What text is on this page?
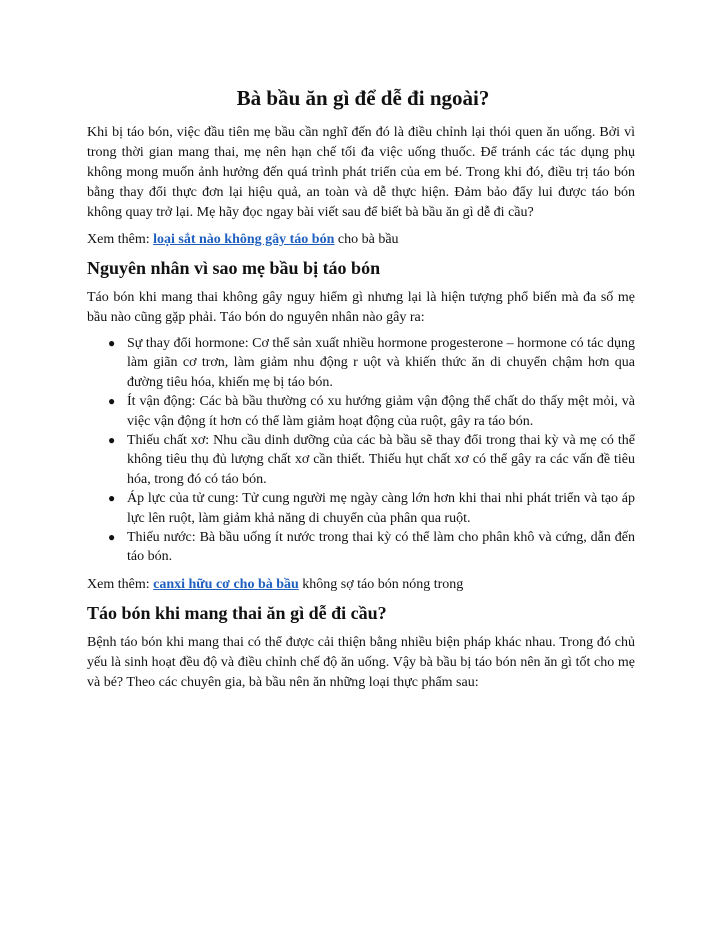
Bà bầu ăn gì để dễ đi ngoài?

Khi bị táo bón, việc đầu tiên mẹ bầu cần nghĩ đến đó là điều chỉnh lại thói quen ăn uống. Bởi vì trong thời gian mang thai, mẹ nên hạn chế tối đa việc uống thuốc. Để tránh các tác dụng phụ không mong muốn ảnh hưởng đến quá trình phát triển của em bé. Trong khi đó, điều trị táo bón bằng thay đổi thực đơn lại hiệu quả, an toàn và dễ thực hiện. Đảm bảo đẩy lui được táo bón không quay trở lại. Mẹ hãy đọc ngay bài viết sau để biết bà bầu ăn gì dễ đi cầu?

Xem thêm: loại sắt nào không gây táo bón cho bà bầu

Nguyên nhân vì sao mẹ bầu bị táo bón

Táo bón khi mang thai không gây nguy hiểm gì nhưng lại là hiện tượng phổ biến mà đa số mẹ bầu nào cũng gặp phải. Táo bón do nguyên nhân nào gây ra:

● Sự thay đổi hormone: Cơ thể sản xuất nhiều hormone progesterone – hormone có tác dụng làm giãn cơ trơn, làm giảm nhu động r uột và khiến thức ăn di chuyển chậm hơn qua đường tiêu hóa, khiến mẹ bị táo bón.
● Ít vận động: Các bà bầu thường có xu hướng giảm vận động thể chất do thấy mệt mỏi, và việc vận động ít hơn có thể làm giảm hoạt động của ruột, gây ra táo bón.
● Thiếu chất xơ: Nhu cầu dinh dưỡng của các bà bầu sẽ thay đổi trong thai kỳ và mẹ có thể không tiêu thụ đủ lượng chất xơ cần thiết. Thiếu hụt chất xơ có thể gây ra các vấn đề tiêu hóa, trong đó có táo bón.
● Áp lực của tử cung: Tử cung người mẹ ngày càng lớn hơn khi thai nhi phát triển và tạo áp lực lên ruột, làm giảm khả năng di chuyển của phân qua ruột.
● Thiếu nước: Bà bầu uống ít nước trong thai kỳ có thể làm cho phân khô và cứng, dẫn đến táo bón.

Xem thêm: canxi hữu cơ cho bà bầu không sợ táo bón nóng trong

Táo bón khi mang thai ăn gì dễ đi cầu?

Bệnh táo bón khi mang thai có thể được cải thiện bằng nhiều biện pháp khác nhau. Trong đó chủ yếu là sinh hoạt đều độ và điều chỉnh chế độ ăn uống. Vậy bà bầu bị táo bón nên ăn gì tốt cho mẹ và bé? Theo các chuyên gia, bà bầu nên ăn những loại thực phẩm sau:
